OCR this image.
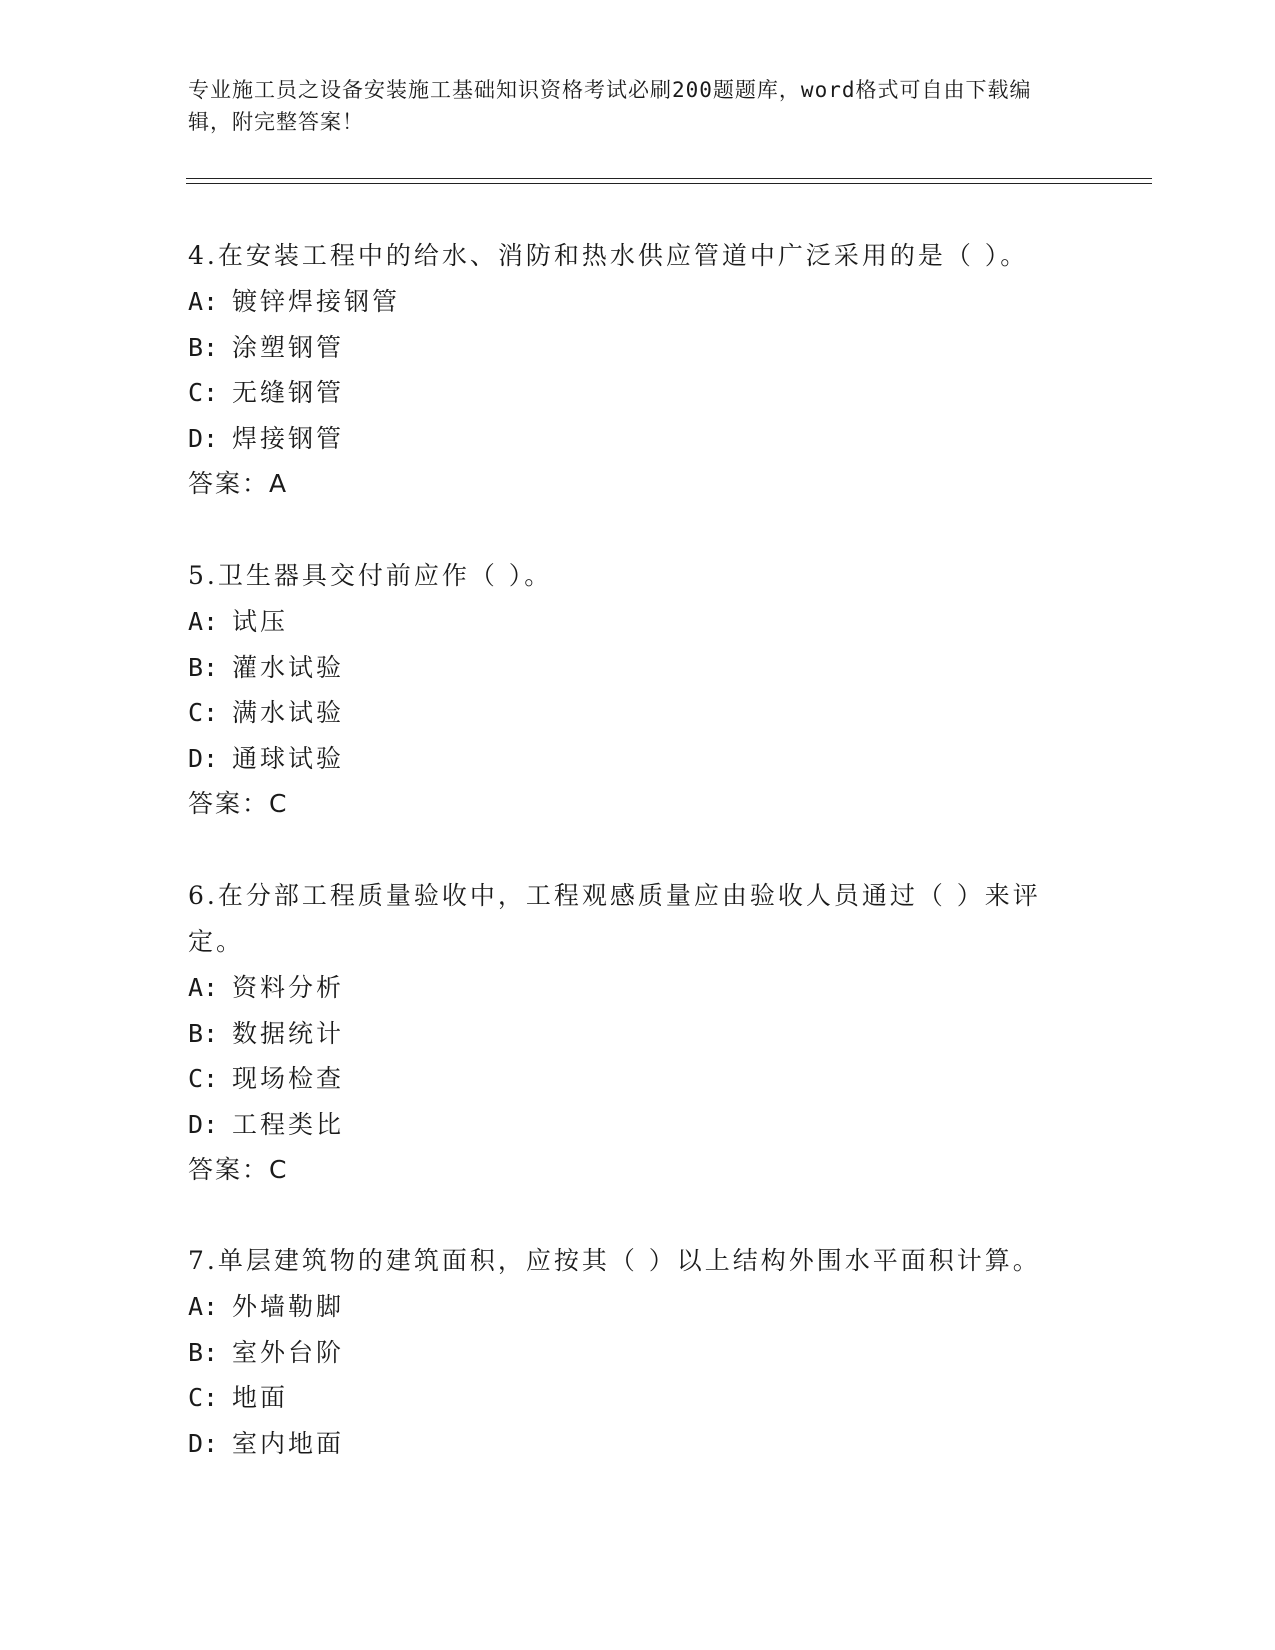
专业施工员之设备安装施工基础知识资格考试必刷200题题库，word格式可自由下载编辑，附完整答案！

4.在安装工程中的给水、消防和热水供应管道中广泛采用的是（ ）。

A: 镀锌焊接钢管
B: 涂塑钢管
C: 无缝钢管
D: 焊接钢管
答案：A

5.卫生器具交付前应作（ ）。

A: 试压
B: 灌水试验
C: 满水试验
D: 通球试验
答案：C

6.在分部工程质量验收中，工程观感质量应由验收人员通过（ ）来评定。

A: 资料分析
B: 数据统计
C: 现场检查
D: 工程类比
答案：C

7.单层建筑物的建筑面积，应按其（ ）以上结构外围水平面积计算。

A: 外墙勒脚
B: 室外台阶
C: 地面
D: 室内地面
